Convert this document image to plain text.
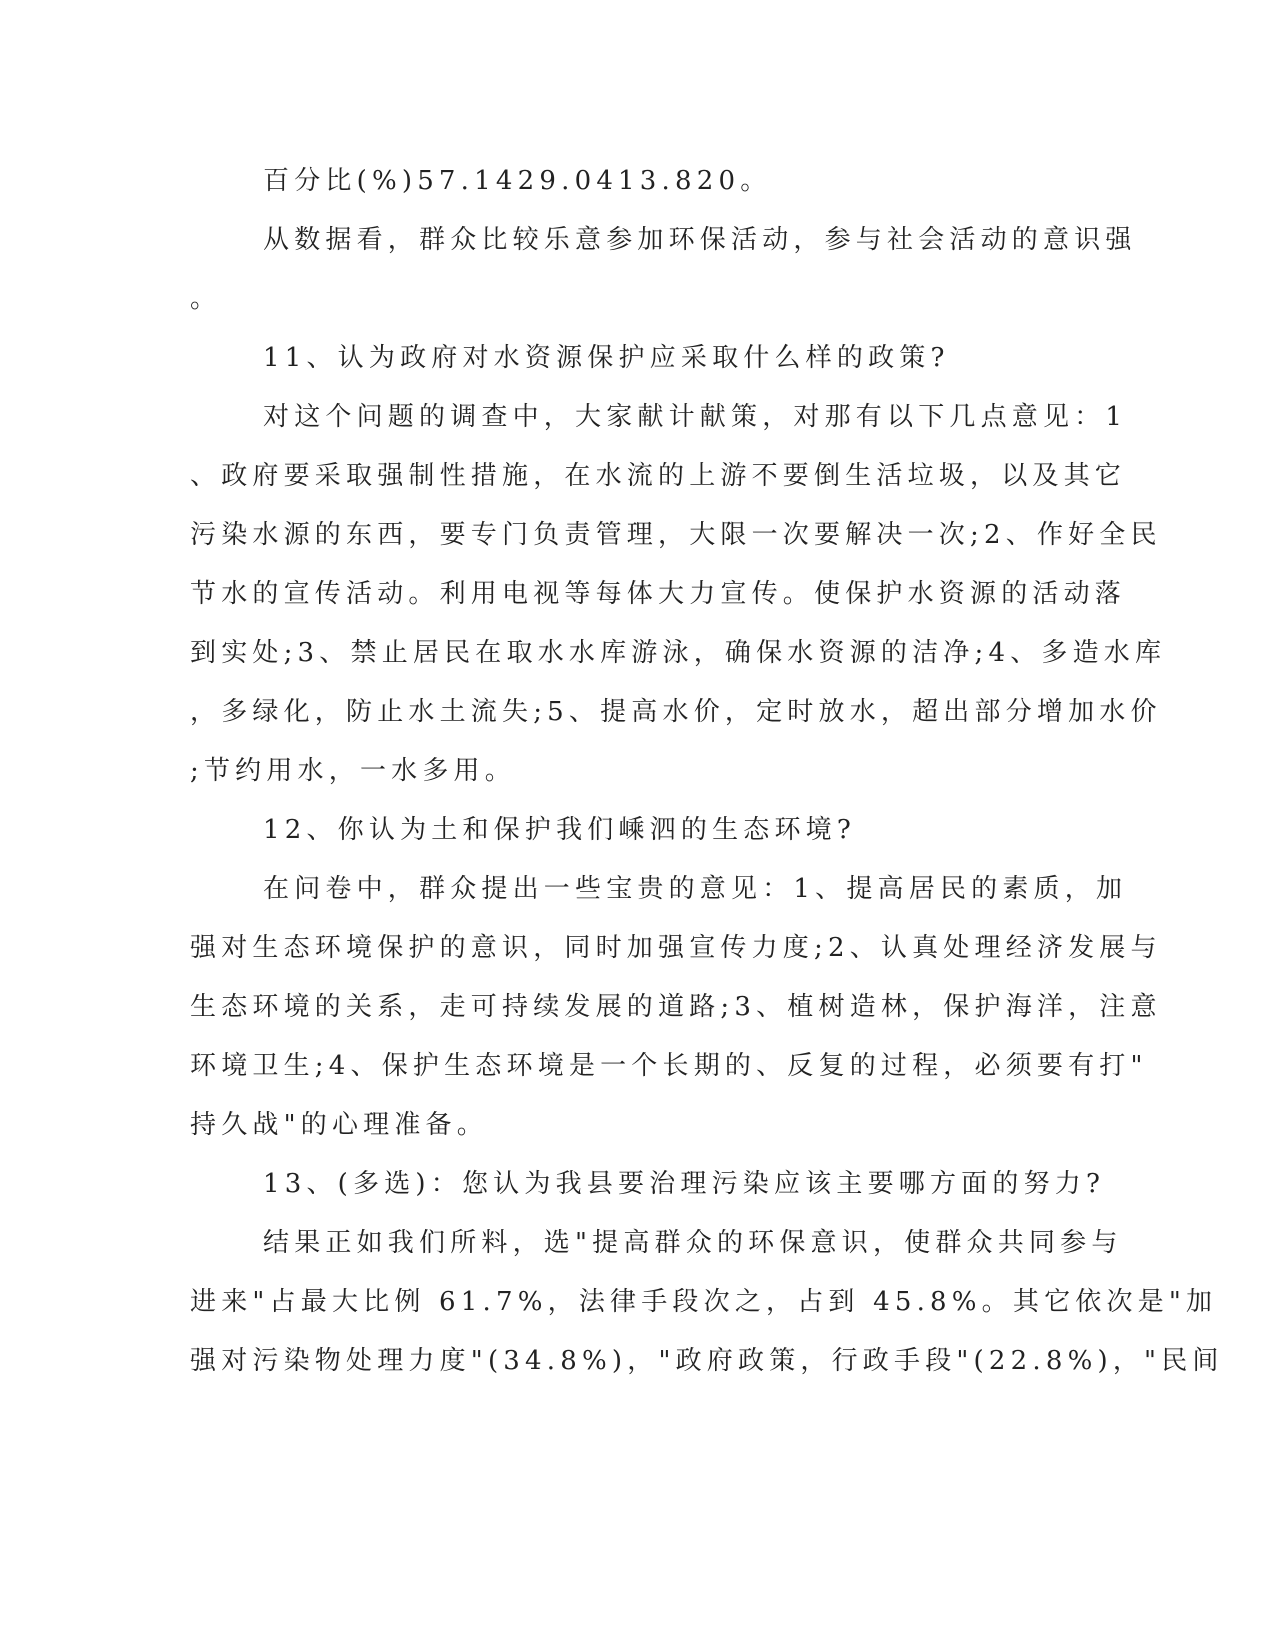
百分比(%)57.1429.0413.820。
从数据看，群众比较乐意参加环保活动，参与社会活动的意识强
。
11、认为政府对水资源保护应采取什么样的政策?
对这个问题的调查中，大家献计献策，对那有以下几点意见：1
、政府要采取强制性措施，在水流的上游不要倒生活垃圾，以及其它
污染水源的东西，要专门负责管理，大限一次要解决一次;2、作好全民
节水的宣传活动。利用电视等每体大力宣传。使保护水资源的活动落
到实处;3、禁止居民在取水水库游泳，确保水资源的洁净;4、多造水库
，多绿化，防止水土流失;5、提高水价，定时放水，超出部分增加水价
;节约用水，一水多用。
12、你认为土和保护我们嵊泗的生态环境?
在问卷中，群众提出一些宝贵的意见：1、提高居民的素质，加
强对生态环境保护的意识，同时加强宣传力度;2、认真处理经济发展与
生态环境的关系，走可持续发展的道路;3、植树造林，保护海洋，注意
环境卫生;4、保护生态环境是一个长期的、反复的过程，必须要有打"
持久战"的心理准备。
13、(多选)：您认为我县要治理污染应该主要哪方面的努力?
结果正如我们所料，选"提高群众的环保意识，使群众共同参与
进来"占最大比例 61.7%，法律手段次之，占到 45.8%。其它依次是"加
强对污染物处理力度"(34.8%)，"政府政策，行政手段"(22.8%)，"民间
